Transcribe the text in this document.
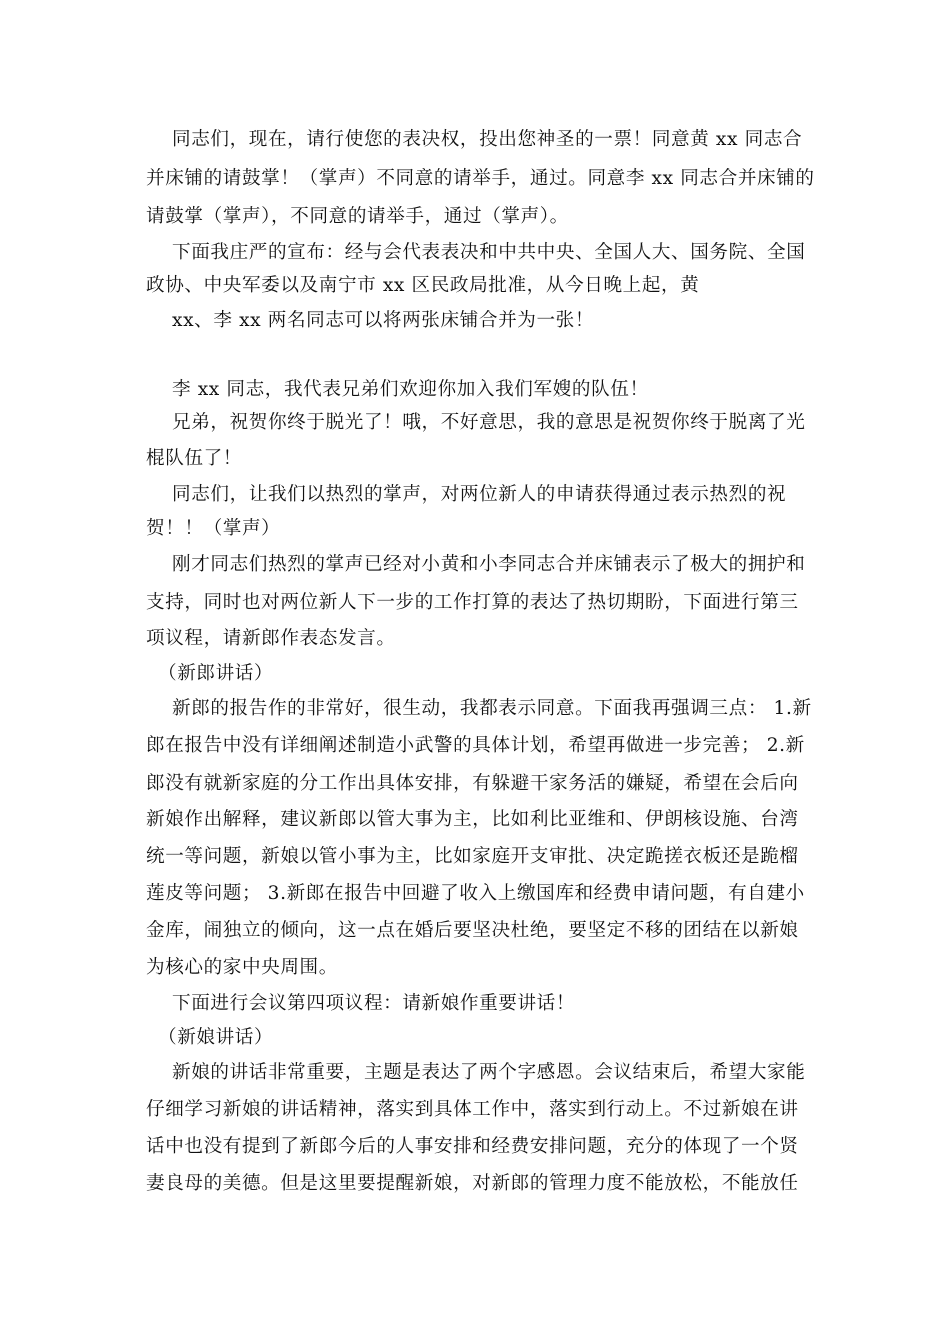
同志们，现在，请行使您的表决权，投出您神圣的一票！同意黄 xx 同志合
并床铺的请鼓掌！（掌声）不同意的请举手，通过。同意李 xx 同志合并床铺的
请鼓掌（掌声），不同意的请举手，通过（掌声）。
下面我庄严的宣布：经与会代表表决和中共中央、全国人大、国务院、全国
政协、中央军委以及南宁市 xx 区民政局批准，从今日晚上起，黄
xx、李 xx 两名同志可以将两张床铺合并为一张！
李 xx 同志，我代表兄弟们欢迎你加入我们军嫂的队伍！
兄弟，祝贺你终于脱光了！哦，不好意思，我的意思是祝贺你终于脱离了光
棍队伍了！
同志们，让我们以热烈的掌声，对两位新人的申请获得通过表示热烈的祝
贺！！（掌声）
刚才同志们热烈的掌声已经对小黄和小李同志合并床铺表示了极大的拥护和
支持，同时也对两位新人下一步的工作打算的表达了热切期盼，下面进行第三
项议程，请新郎作表态发言。
（新郎讲话）
新郎的报告作的非常好，很生动，我都表示同意。下面我再强调三点： 1.新
郎在报告中没有详细阐述制造小武警的具体计划，希望再做进一步完善； 2.新
郎没有就新家庭的分工作出具体安排，有躲避干家务活的嫌疑，希望在会后向
新娘作出解释，建议新郎以管大事为主，比如利比亚维和、伊朗核设施、台湾
统一等问题，新娘以管小事为主，比如家庭开支审批、决定跪搓衣板还是跪榴
莲皮等问题； 3.新郎在报告中回避了收入上缴国库和经费申请问题，有自建小
金库，闹独立的倾向，这一点在婚后要坚决杜绝，要坚定不移的团结在以新娘
为核心的家中央周围。
下面进行会议第四项议程：请新娘作重要讲话！
（新娘讲话）
新娘的讲话非常重要，主题是表达了两个字感恩。会议结束后，希望大家能
仔细学习新娘的讲话精神，落实到具体工作中，落实到行动上。不过新娘在讲
话中也没有提到了新郎今后的人事安排和经费安排问题，充分的体现了一个贤
妻良母的美德。但是这里要提醒新娘，对新郎的管理力度不能放松，不能放任
